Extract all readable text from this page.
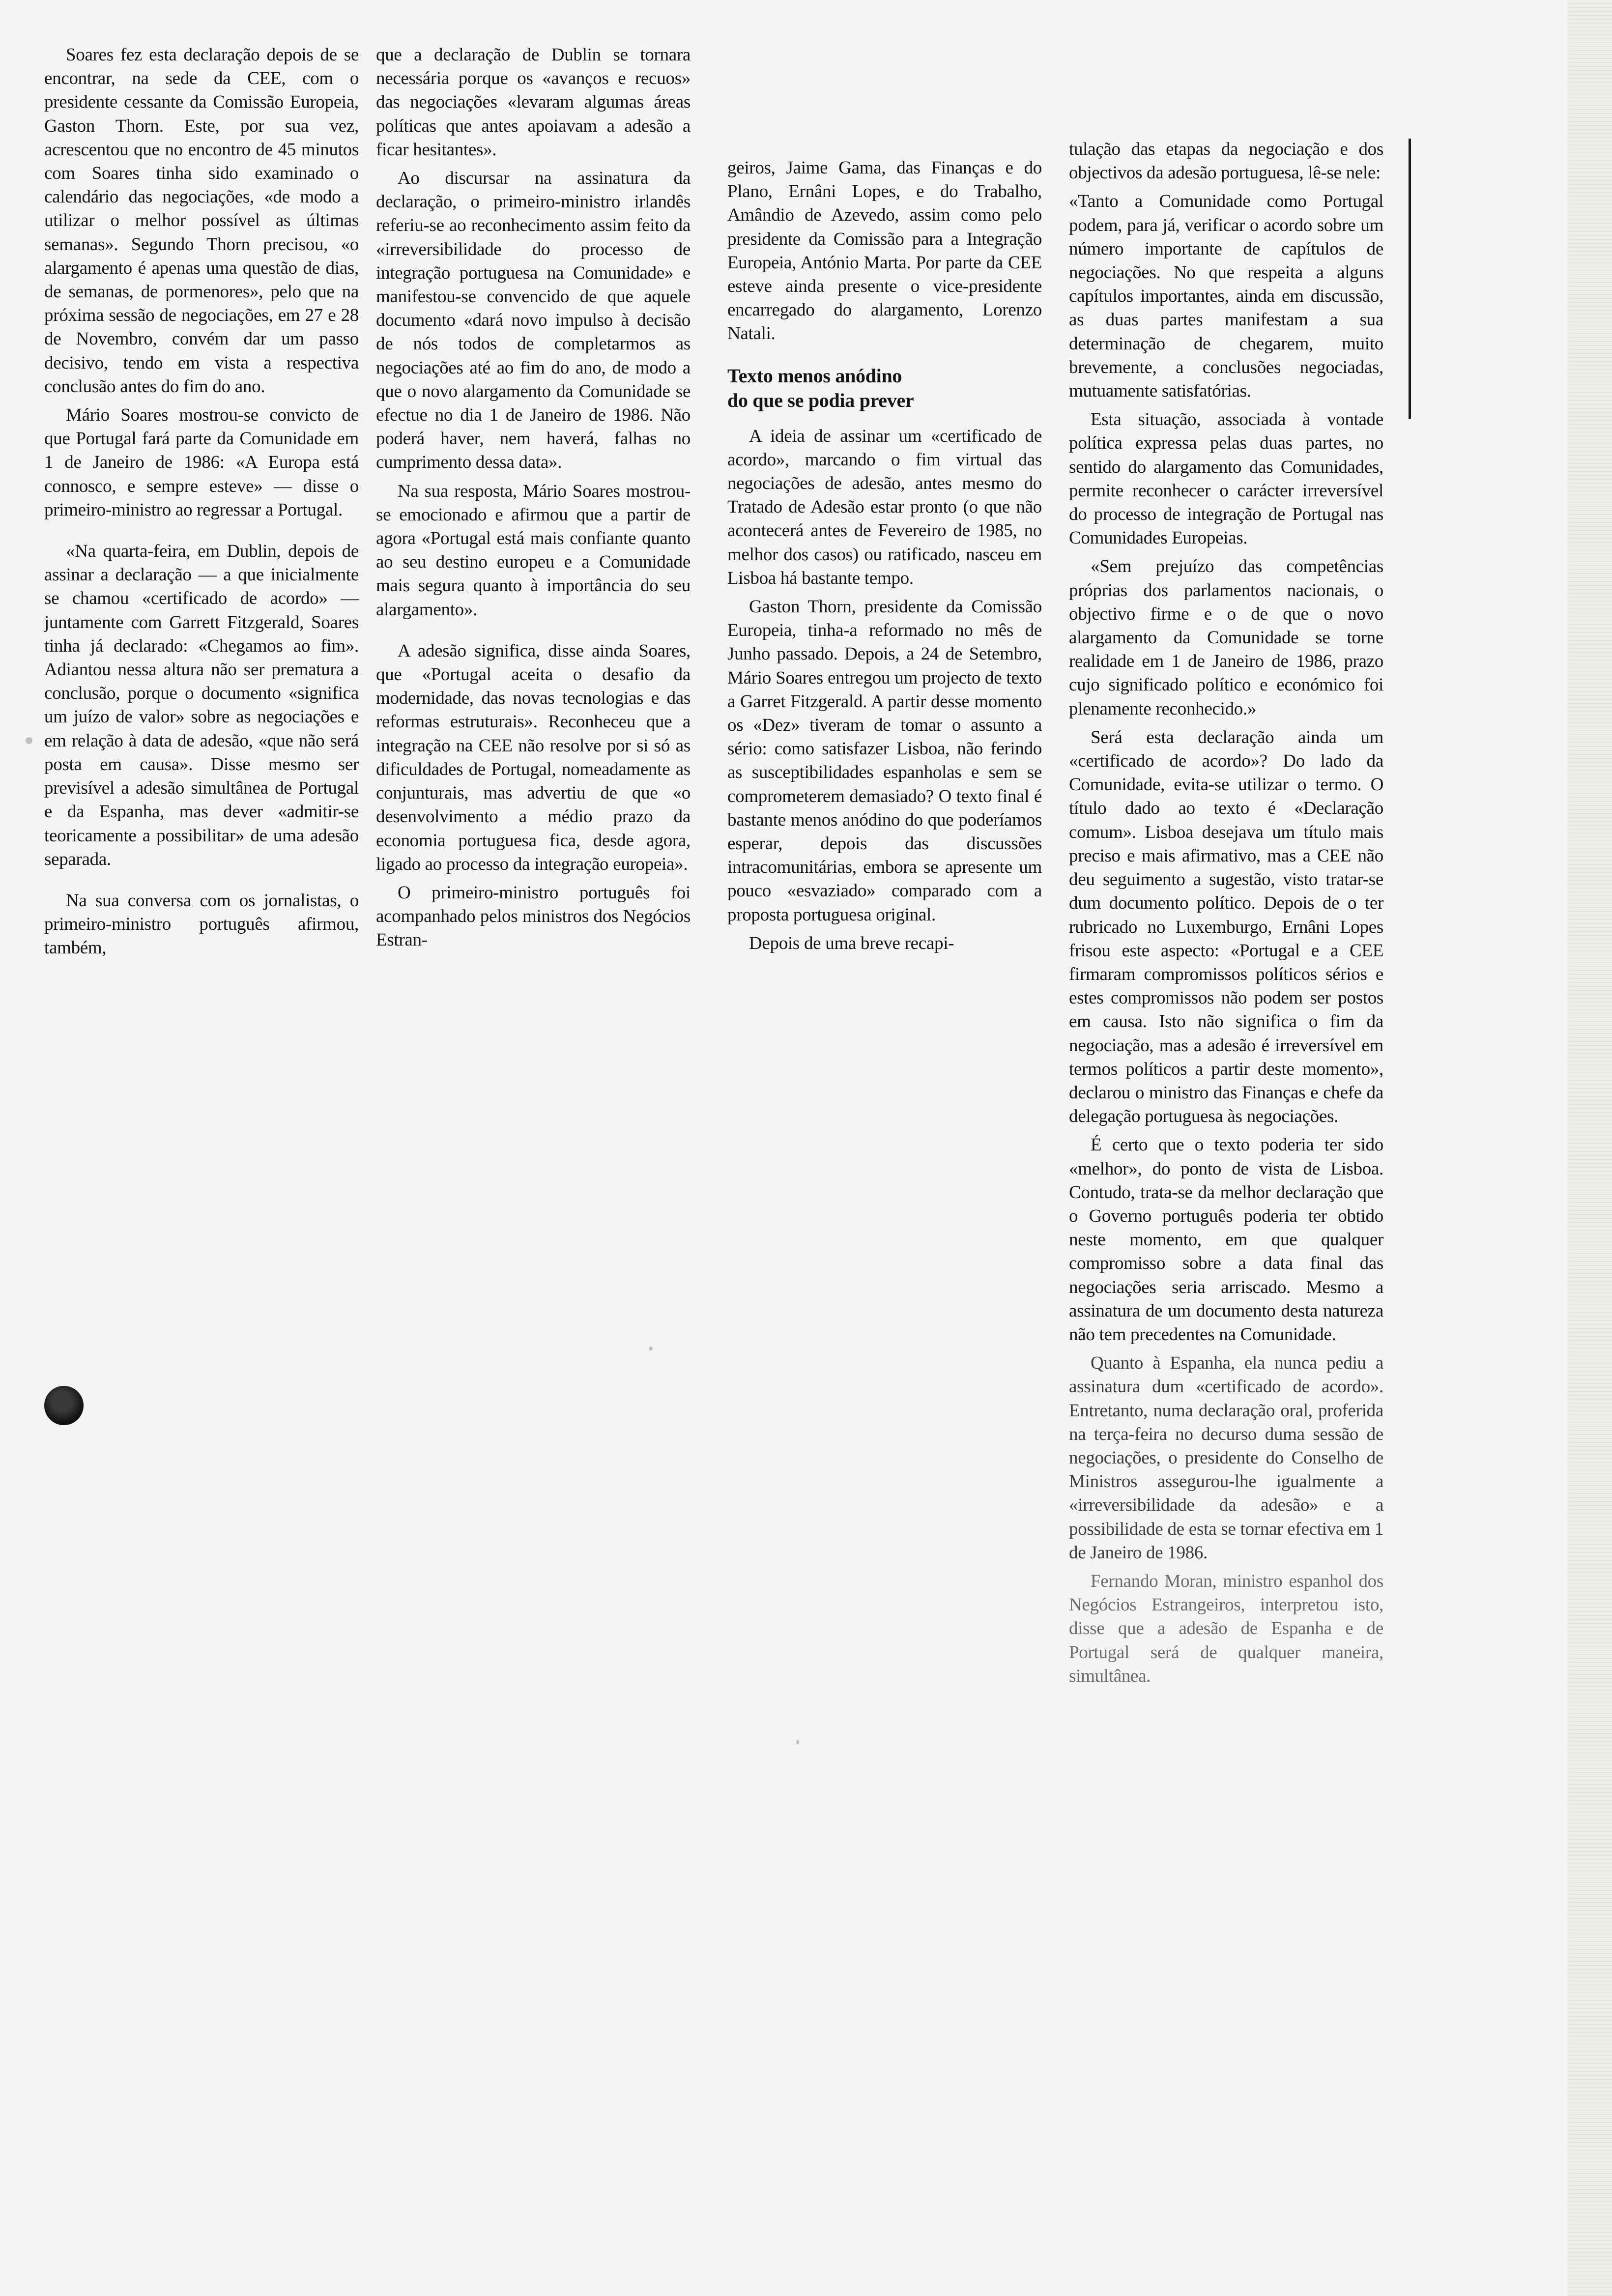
Soares fez esta declaração depois de se encontrar, na sede da CEE, com o presidente cessante da Comissão Europeia, Gaston Thorn. Este, por sua vez, acrescentou que no encontro de 45 minutos com Soares tinha sido examinado o calendário das negociações, «de modo a utilizar o melhor possível as últimas semanas». Segundo Thorn precisou, «o alargamento é apenas uma questão de dias, de semanas, de pormenores», pelo que na próxima sessão de negociações, em 27 e 28 de Novembro, convém dar um passo decisivo, tendo em vista a respectiva conclusão antes do fim do ano.

Mário Soares mostrou-se convicto de que Portugal fará parte da Comunidade em 1 de Janeiro de 1986: «A Europa está connosco, e sempre esteve» — disse o primeiro-ministro ao regressar a Portugal.

«Na quarta-feira, em Dublin, depois de assinar a declaração — a que inicialmente se chamou «certificado de acordo» — juntamente com Garrett Fitzgerald, Soares tinha já declarado: «Chegamos ao fim». Adiantou nessa altura não ser prematura a conclusão, porque o documento «significa um juízo de valor» sobre as negociações e em relação à data de adesão, «que não será posta em causa». Disse mesmo ser previsível a adesão simultânea de Portugal e da Espanha, mas dever «admitir-se teoricamente a possibilitar» de uma adesão separada.

Na sua conversa com os jornalistas, o primeiro-ministro português afirmou, também,

que a declaração de Dublin se tornara necessária porque os «avanços e recuos» das negociações «levaram algumas áreas políticas que antes apoiavam a adesão a ficar hesitantes».

Ao discursar na assinatura da declaração, o primeiro-ministro irlandês referiu-se ao reconhecimento assim feito da «irreversibilidade do processo de integração portuguesa na Comunidade» e manifestou-se convencido de que aquele documento «dará novo impulso à decisão de nós todos de completarmos as negociações até ao fim do ano, de modo a que o novo alargamento da Comunidade se efectue no dia 1 de Janeiro de 1986. Não poderá haver, nem haverá, falhas no cumprimento dessa data».

Na sua resposta, Mário Soares mostrou-se emocionado e afirmou que a partir de agora «Portugal está mais confiante quanto ao seu destino europeu e a Comunidade mais segura quanto à importância do seu alargamento».

A adesão significa, disse ainda Soares, que «Portugal aceita o desafio da modernidade, das novas tecnologias e das reformas estruturais». Reconheceu que a integração na CEE não resolve por si só as dificuldades de Portugal, nomeadamente as conjunturais, mas advertiu de que «o desenvolvimento a médio prazo da economia portuguesa fica, desde agora, ligado ao processo da integração europeia».

O primeiro-ministro português foi acompanhado pelos ministros dos Negócios Estran-

geiros, Jaime Gama, das Finanças e do Plano, Ernâni Lopes, e do Trabalho, Amândio de Azevedo, assim como pelo presidente da Comissão para a Integração Europeia, António Marta. Por parte da CEE esteve ainda presente o vice-presidente encarregado do alargamento, Lorenzo Natali.

Texto menos anódino
do que se podia prever

A ideia de assinar um «certificado de acordo», marcando o fim virtual das negociações de adesão, antes mesmo do Tratado de Adesão estar pronto (o que não acontecerá antes de Fevereiro de 1985, no melhor dos casos) ou ratificado, nasceu em Lisboa há bastante tempo.

Gaston Thorn, presidente da Comissão Europeia, tinha-a reformado no mês de Junho passado. Depois, a 24 de Setembro, Mário Soares entregou um projecto de texto a Garret Fitzgerald. A partir desse momento os «Dez» tiveram de tomar o assunto a sério: como satisfazer Lisboa, não ferindo as susceptibilidades espanholas e sem se comprometerem demasiado? O texto final é bastante menos anódino do que poderíamos esperar, depois das discussões intracomunitárias, embora se apresente um pouco «esvaziado» comparado com a proposta portuguesa original.

Depois de uma breve recapi-

tulação das etapas da negociação e dos objectivos da adesão portuguesa, lê-se nele:

«Tanto a Comunidade como Portugal podem, para já, verificar o acordo sobre um número importante de capítulos de negociações. No que respeita a alguns capítulos importantes, ainda em discussão, as duas partes manifestam a sua determinação de chegarem, muito brevemente, a conclusões negociadas, mutuamente satisfatórias.

Esta situação, associada à vontade política expressa pelas duas partes, no sentido do alargamento das Comunidades, permite reconhecer o carácter irreversível do processo de integração de Portugal nas Comunidades Europeias.

«Sem prejuízo das competências próprias dos parlamentos nacionais, o objectivo firme e o de que o novo alargamento da Comunidade se torne realidade em 1 de Janeiro de 1986, prazo cujo significado político e económico foi plenamente reconhecido.»

Será esta declaração ainda um «certificado de acordo»? Do lado da Comunidade, evita-se utilizar o termo. O título dado ao texto é «Declaração comum». Lisboa desejava um título mais preciso e mais afirmativo, mas a CEE não deu seguimento a sugestão, visto tratar-se dum documento político. Depois de o ter rubricado no Luxemburgo, Ernâni Lopes frisou este aspecto: «Portugal e a CEE firmaram compromissos políticos sérios e estes compromissos não podem ser postos em causa. Isto não significa o fim da negociação, mas a adesão é irreversível em termos políticos a partir deste momento», declarou o ministro das Finanças e chefe da delegação portuguesa às negociações.

É certo que o texto poderia ter sido «melhor», do ponto de vista de Lisboa. Contudo, trata-se da melhor declaração que o Governo português poderia ter obtido neste momento, em que qualquer compromisso sobre a data final das negociações seria arriscado. Mesmo a assinatura de um documento desta natureza não tem precedentes na Comunidade.

Quanto à Espanha, ela nunca pediu a assinatura dum «certificado de acordo». Entretanto, numa declaração oral, proferida na terça-feira no decurso duma sessão de negociações, o presidente do Conselho de Ministros assegurou-lhe igualmente a «irreversibilidade da adesão» e a possibilidade de esta se tornar efectiva em 1 de Janeiro de 1986.

Fernando Moran, ministro espanhol dos Negócios Estrangeiros, interpretou isto, disse que a adesão de Espanha e de Portugal será de qualquer maneira, simultânea.
